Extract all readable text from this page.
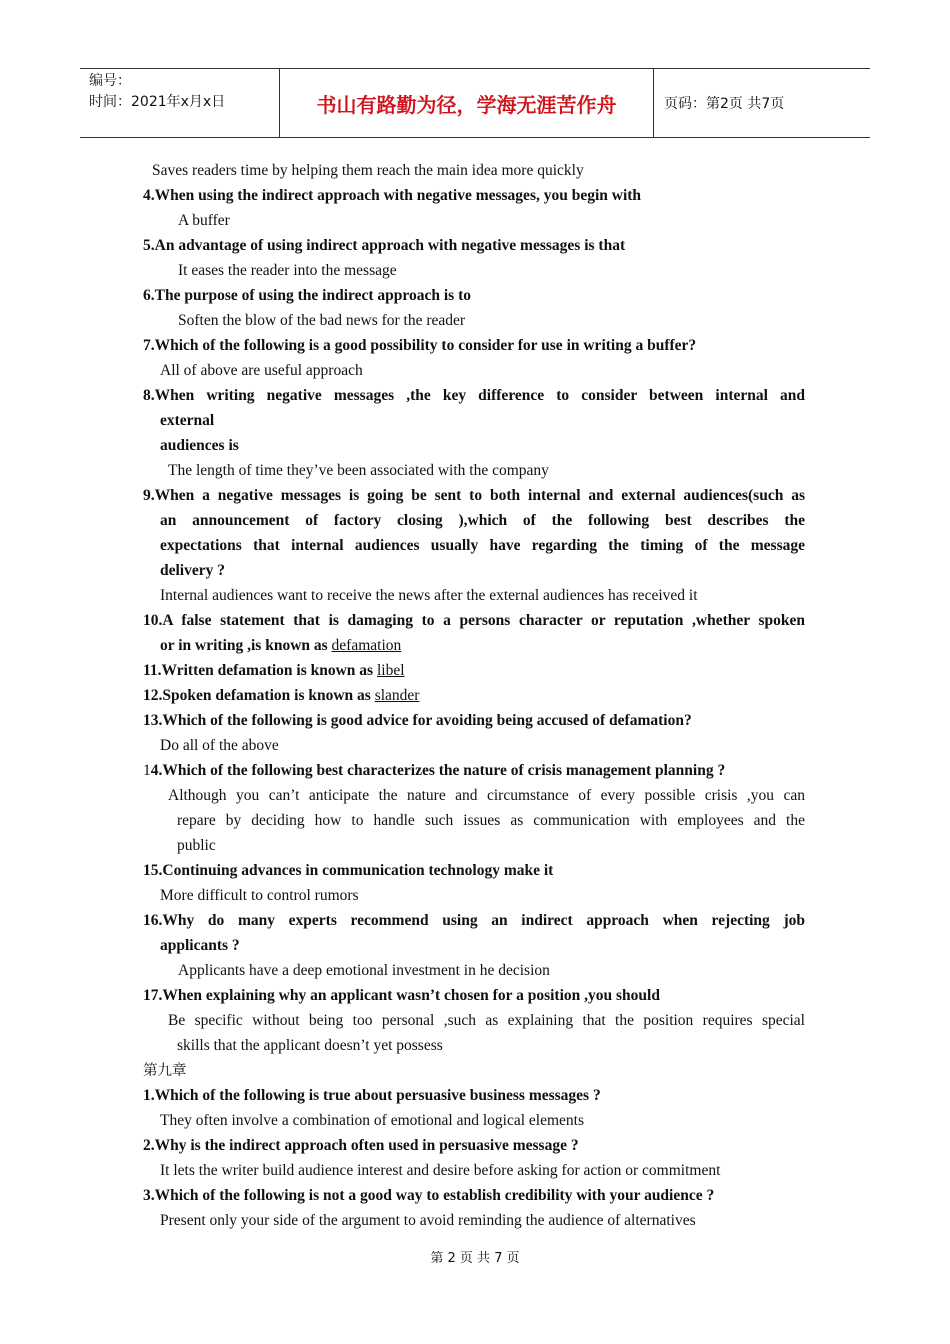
编号：
时间：2021年x月x日	书山有路勤为径，学海无涯苦作舟	页码：第2页 共7页
Saves readers time by helping them reach the main idea more quickly
4.When using the indirect approach with negative messages, you begin with
A buffer
5.An advantage of using indirect approach with negative messages is that
It eases the reader into the message
6.The purpose of using the indirect approach is to
Soften the blow of the bad news for the reader
7.Which of the following is a good possibility to consider for use in writing a buffer?
All of above are useful approach
8.When writing negative messages ,the key difference to consider between internal and
external
audiences is
The length of time they’ve been associated with the company
9.When a negative messages is going be sent to both internal and external audiences(such as
an announcement of factory closing ),which of the following best describes the
expectations that internal audiences usually have regarding the timing of the message
delivery ?
Internal audiences want to receive the news after the external audiences has received it
10.A false statement that is damaging to a persons character or reputation ,whether spoken
or in writing ,is known as defamation
11.Written defamation is known as libel
12.Spoken defamation is known as slander
13.Which of the following is good advice for avoiding being accused of defamation?
Do all of the above
14.Which of the following best characterizes the nature of crisis management planning ?
Although you can’t anticipate the nature and circumstance of every possible crisis ,you can
repare by deciding how to handle such issues as communication with employees and the
public
15.Continuing advances in communication technology make it
More difficult to control rumors
16.Why do many experts recommend using an indirect approach when rejecting job
applicants ?
Applicants have a deep emotional investment in he decision
17.When explaining why an applicant wasn’t chosen for a position ,you should
Be specific without being too personal ,such as explaining that the position requires special
skills that the applicant doesn’t yet possess
第九章
1.Which of the following is true about persuasive business messages ?
They often involve a combination of emotional and logical elements
2.Why is the indirect approach often used in persuasive message ?
It lets the writer build audience interest and desire before asking for action or commitment
3.Which of the following is not a good way to establish credibility with your audience ?
Present only your side of the argument to avoid reminding the audience of alternatives
第 2 页 共 7 页
